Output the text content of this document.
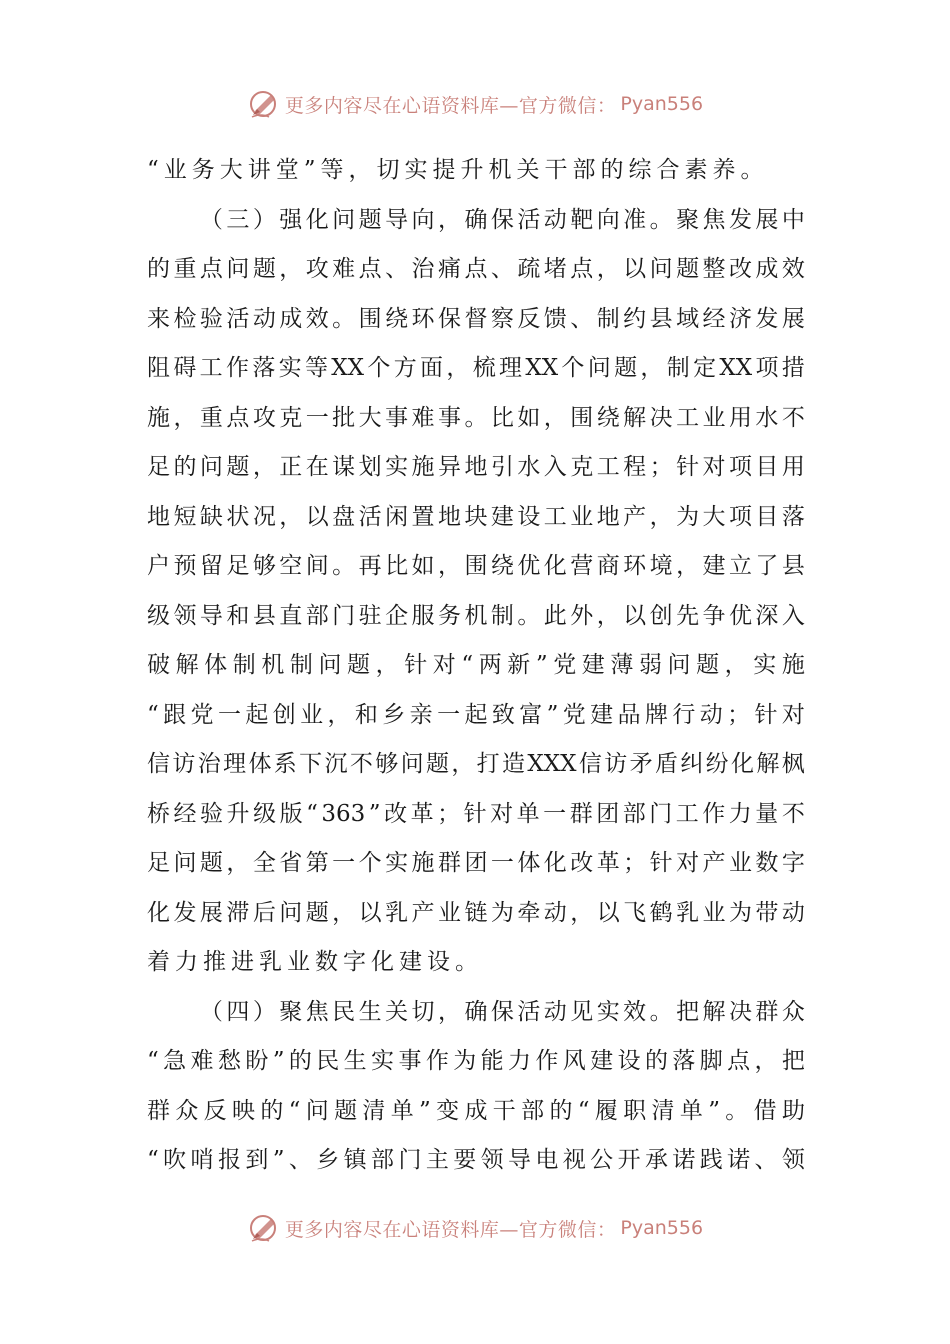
更多内容尽在心语资料库—官方微信： Pyan556
“业务大讲堂”等，切实提升机关干部的综合素养。

（ 三 ） 强 化 问 题 导 向 ， 确 保 活 动 靶 向 准 。 聚 焦 发 展 中
的 重 点 问 题 ， 攻 难 点 、 治 痛 点 、 疏 堵 点 ， 以 问 题 整 改 成 效
来 检 验 活 动 成 效 。 围 绕 环 保 督 察 反 馈 、 制 约 县 域 经 济 发 展
阻 碍 工 作 落 实 等 XX 个 方 面 ， 梳 理 XX 个 问 题 ， 制 定 XX 项 措
施 ， 重 点 攻 克 一 批 大 事 难 事 。 比 如 ， 围 绕 解 决 工 业 用 水 不
足 的 问 题 ， 正 在 谋 划 实 施 异 地 引 水 入 克 工 程 ； 针 对 项 目 用
地 短 缺 状 况 ， 以 盘 活 闲 置 地 块 建 设 工 业 地 产 ， 为 大 项 目 落
户 预 留 足 够 空 间 。 再 比 如 ， 围 绕 优 化 营 商 环 境 ， 建 立 了 县
级 领 导 和 县 直 部 门 驻 企 服 务 机 制 。 此 外 ， 以 创 先 争 优 深 入
破 解 体 制 机 制 问 题 ， 针 对 “ 两 新 ” 党 建 薄 弱 问 题 ， 实 施
“ 跟 党 一 起 创 业 ， 和 乡 亲 一 起 致 富 ” 党 建 品 牌 行 动 ； 针 对
信 访 治 理 体 系 下 沉 不 够 问 题 ， 打 造 XXX 信 访 矛 盾 纠 纷 化 解 枫
桥 经 验 升 级 版 “ 363 ” 改 革 ； 针 对 单 一 群 团 部 门 工 作 力 量 不
足 问 题 ， 全 省 第 一 个 实 施 群 团 一 体 化 改 革 ； 针 对 产 业 数 字
化 发 展 滞 后 问 题 ， 以 乳 产 业 链 为 牵 动 ， 以 飞 鹤 乳 业 为 带 动
着力推进乳业数字化建设。

（ 四 ） 聚 焦 民 生 关 切 ， 确 保 活 动 见 实 效 。 把 解 决 群 众
“ 急 难 愁 盼 ” 的 民 生 实 事 作 为 能 力 作 风 建 设 的 落 脚 点 ， 把
群 众 反 映 的 “ 问 题 清 单 ” 变 成 干 部 的 “ 履 职 清 单 ” 。 借 助
“ 吹 哨 报 到 ” 、 乡 镇 部 门 主 要 领 导 电 视 公 开 承 诺 践 诺 、 领
更多内容尽在心语资料库—官方微信： Pyan556
